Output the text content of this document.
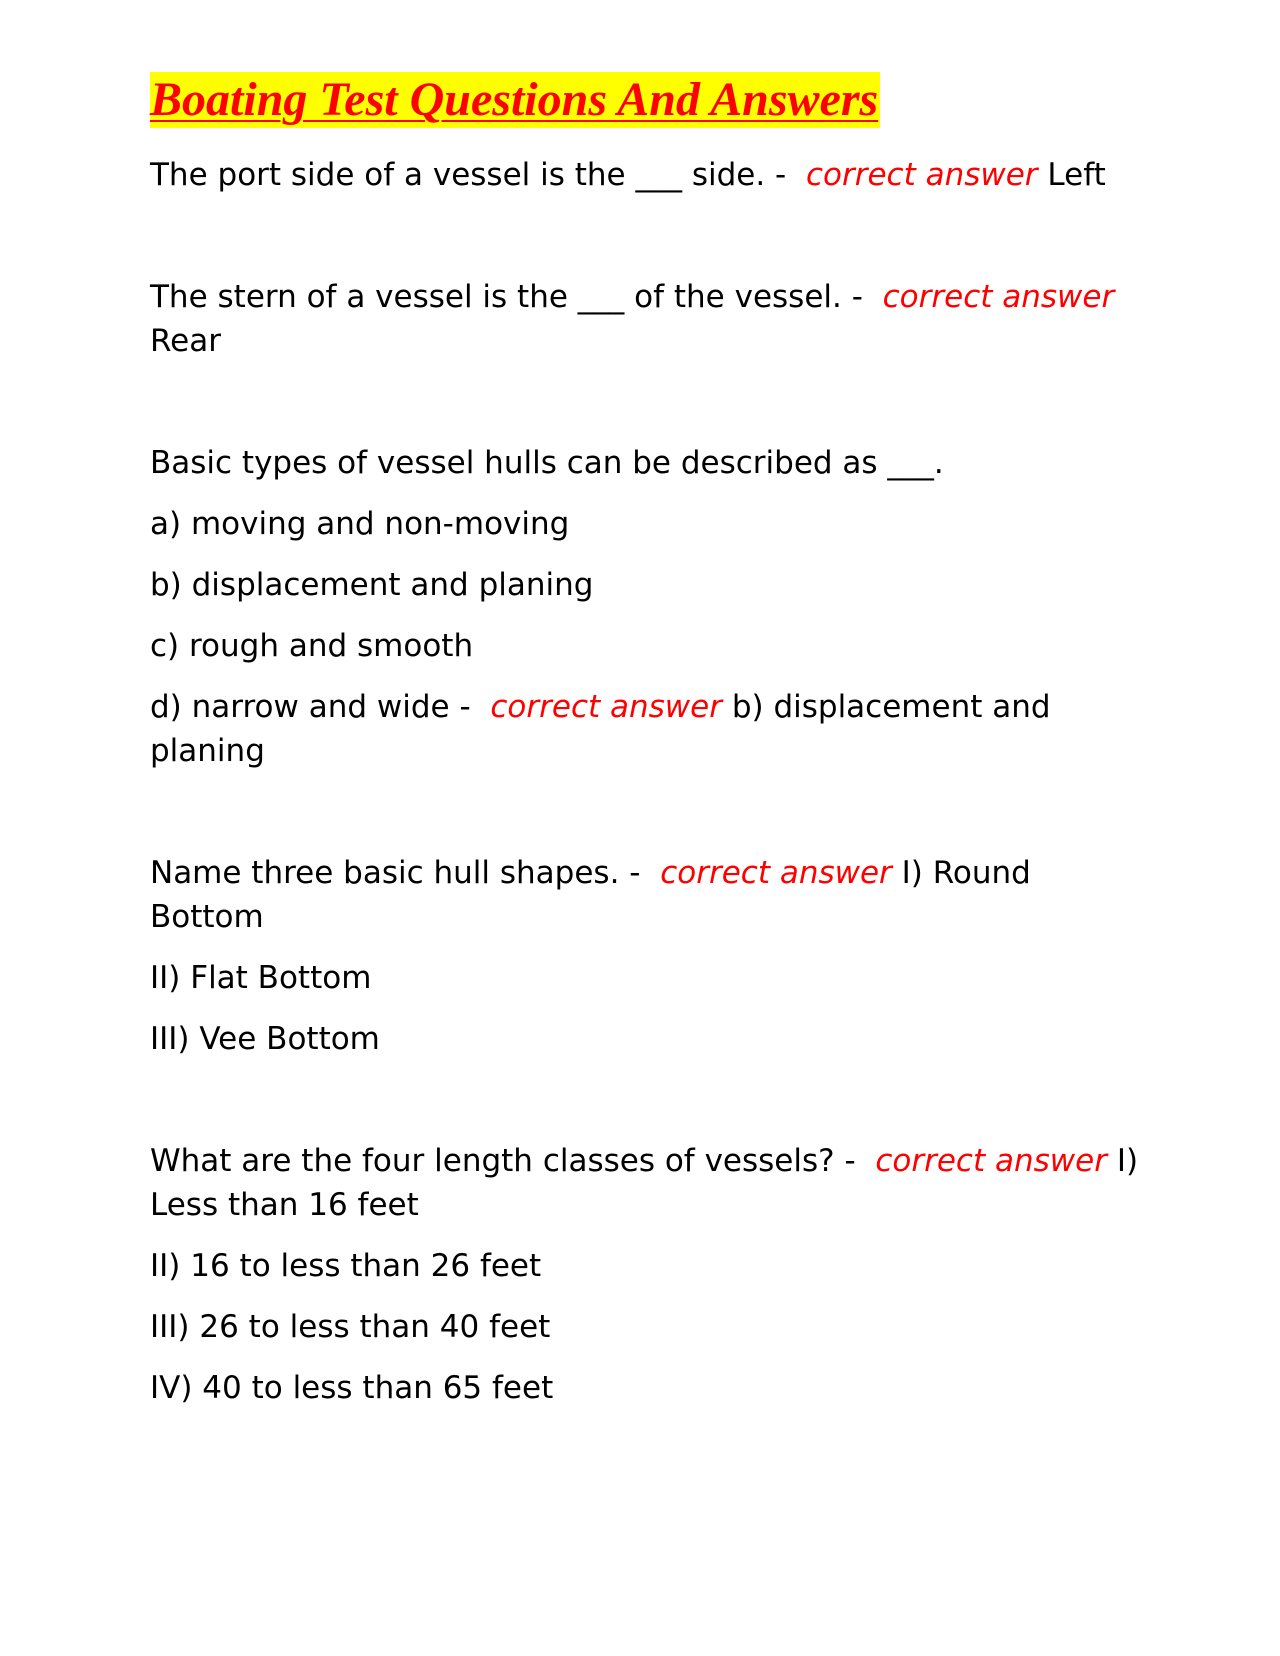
Boating Test Questions And Answers

The port side of a vessel is the ___ side. - correct answer Left

The stern of a vessel is the ___ of the vessel. - correct answer Rear

Basic types of vessel hulls can be described as ___.

a) moving and non-moving

b) displacement and planing

c) rough and smooth

d) narrow and wide - correct answer b) displacement and planing

Name three basic hull shapes. - correct answer I) Round Bottom

II) Flat Bottom

III) Vee Bottom

What are the four length classes of vessels? - correct answer I) Less than 16 feet

II) 16 to less than 26 feet

III) 26 to less than 40 feet

IV) 40 to less than 65 feet
